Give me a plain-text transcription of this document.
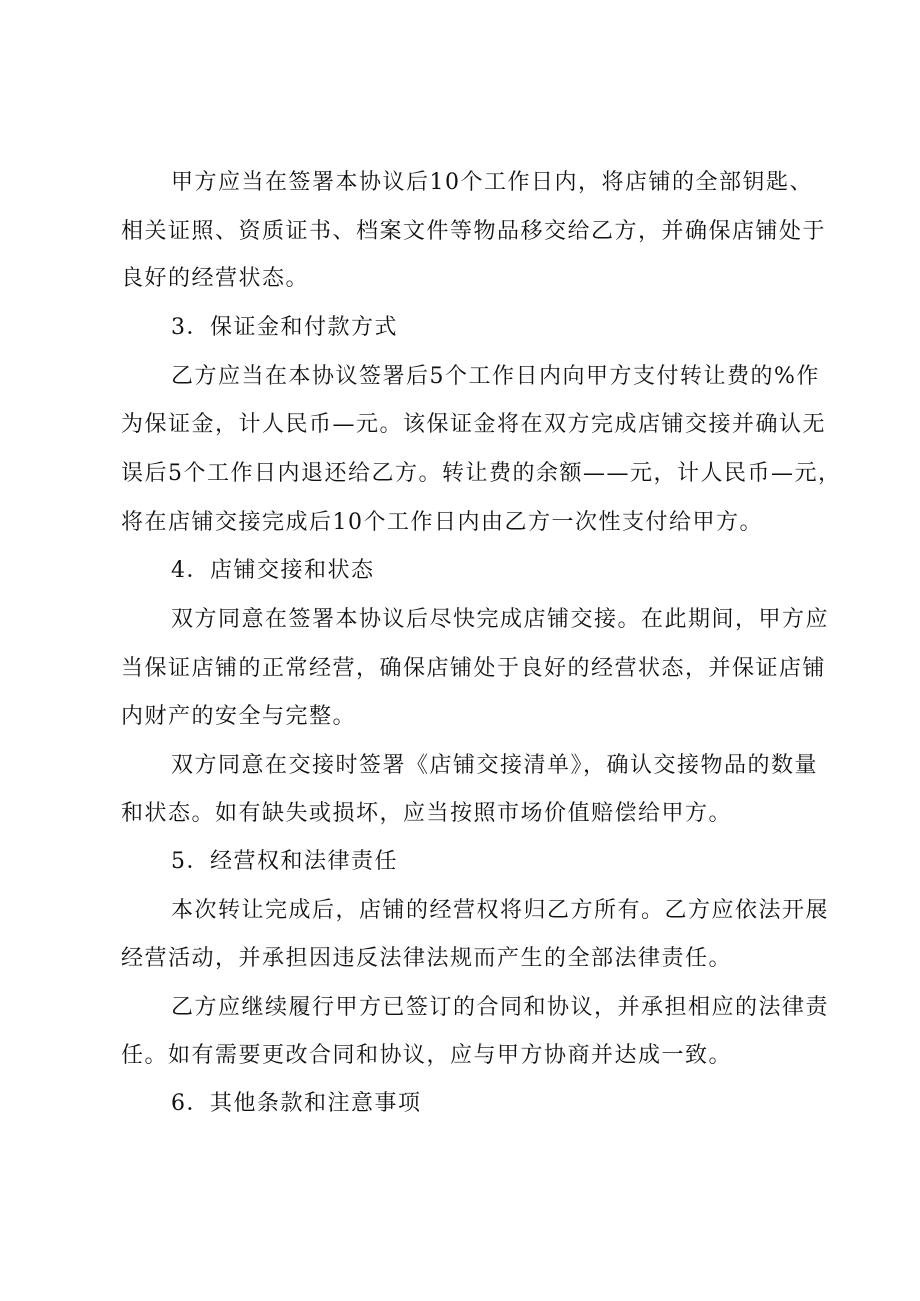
甲方应当在签署本协议后10个工作日内，将店铺的全部钥匙、
相关证照、资质证书、档案文件等物品移交给乙方，并确保店铺处于
良好的经营状态。
3．保证金和付款方式
乙方应当在本协议签署后5个工作日内向甲方支付转让费的%作
为保证金，计人民币—元。该保证金将在双方完成店铺交接并确认无
误后5个工作日内退还给乙方。转让费的余额——元，计人民币—元，
将在店铺交接完成后10个工作日内由乙方一次性支付给甲方。
4．店铺交接和状态
双方同意在签署本协议后尽快完成店铺交接。在此期间，甲方应
当保证店铺的正常经营，确保店铺处于良好的经营状态，并保证店铺
内财产的安全与完整。
双方同意在交接时签署《店铺交接清单》，确认交接物品的数量
和状态。如有缺失或损坏，应当按照市场价值赔偿给甲方。
5．经营权和法律责任
本次转让完成后，店铺的经营权将归乙方所有。乙方应依法开展
经营活动，并承担因违反法律法规而产生的全部法律责任。
乙方应继续履行甲方已签订的合同和协议，并承担相应的法律责
任。如有需要更改合同和协议，应与甲方协商并达成一致。
6．其他条款和注意事项
